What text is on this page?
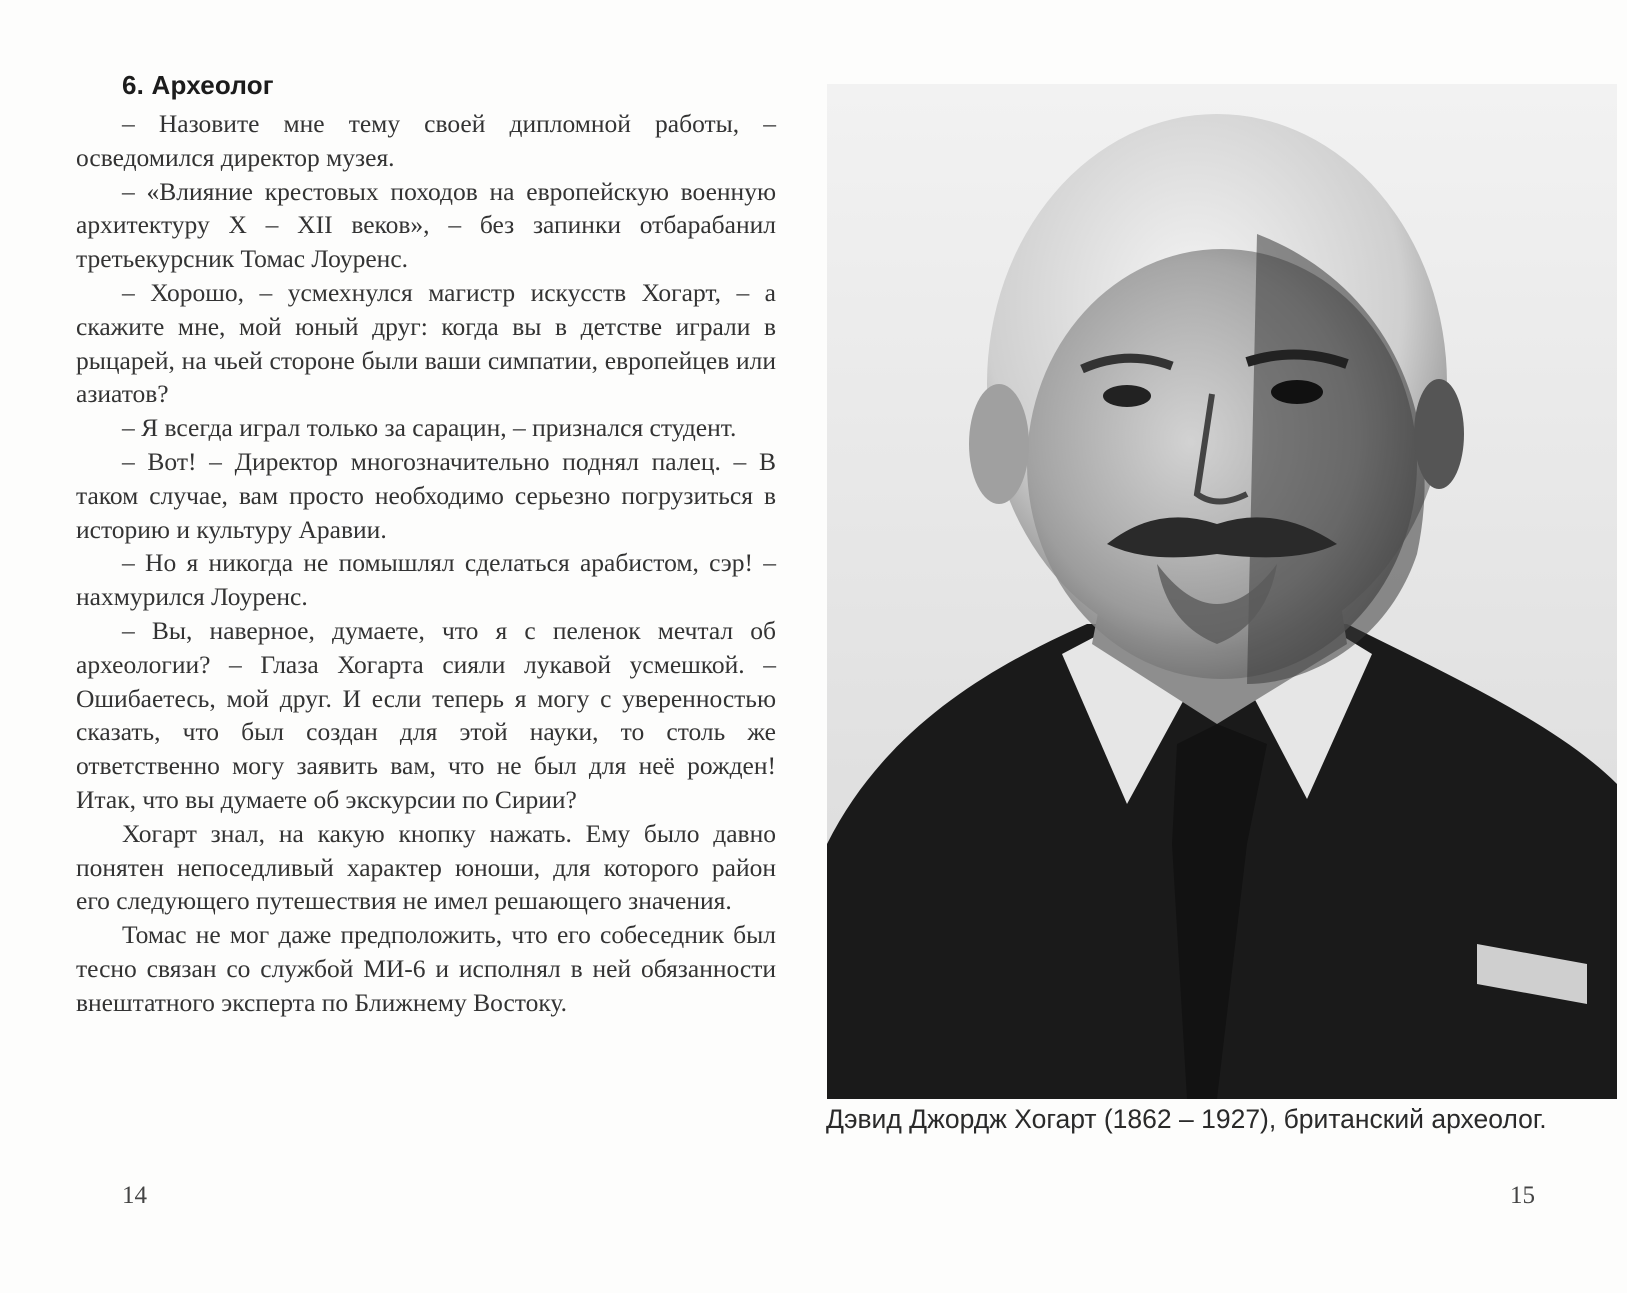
6. Археолог

– Назовите мне тему своей дипломной работы, – осведомился директор музея.

– «Влияние крестовых походов на европейскую военную архитектуру X – XII веков», – без запинки отбарабанил третьекурсник Томас Лоуренс.

– Хорошо, – усмехнулся магистр искусств Хогарт, – а скажите мне, мой юный друг: когда вы в детстве играли в рыцарей, на чьей стороне были ваши симпатии, европейцев или азиатов?

– Я всегда играл только за сарацин, – признался студент.

– Вот! – Директор многозначительно поднял палец. – В таком случае, вам просто необходимо серьезно погрузиться в историю и культуру Аравии.

– Но я никогда не помышлял сделаться арабистом, сэр! – нахмурился Лоуренс.

– Вы, наверное, думаете, что я с пеленок мечтал об археологии? – Глаза Хогарта сияли лукавой усмешкой. – Ошибаетесь, мой друг. И если теперь я могу с уверенностью сказать, что был создан для этой науки, то столь же ответственно могу заявить вам, что не был для неё рожден! Итак, что вы думаете об экскурсии по Сирии?

Хогарт знал, на какую кнопку нажать. Ему было давно понятен непоседливый характер юноши, для которого район его следующего путешествия не имел решающего значения.

Томас не мог даже предположить, что его собеседник был тесно связан со службой МИ-6 и исполнял в ней обязанности внештатного эксперта по Ближнему Востоку.

14
Дэвид Джордж Хогарт (1862 – 1927), британский археолог.
15
